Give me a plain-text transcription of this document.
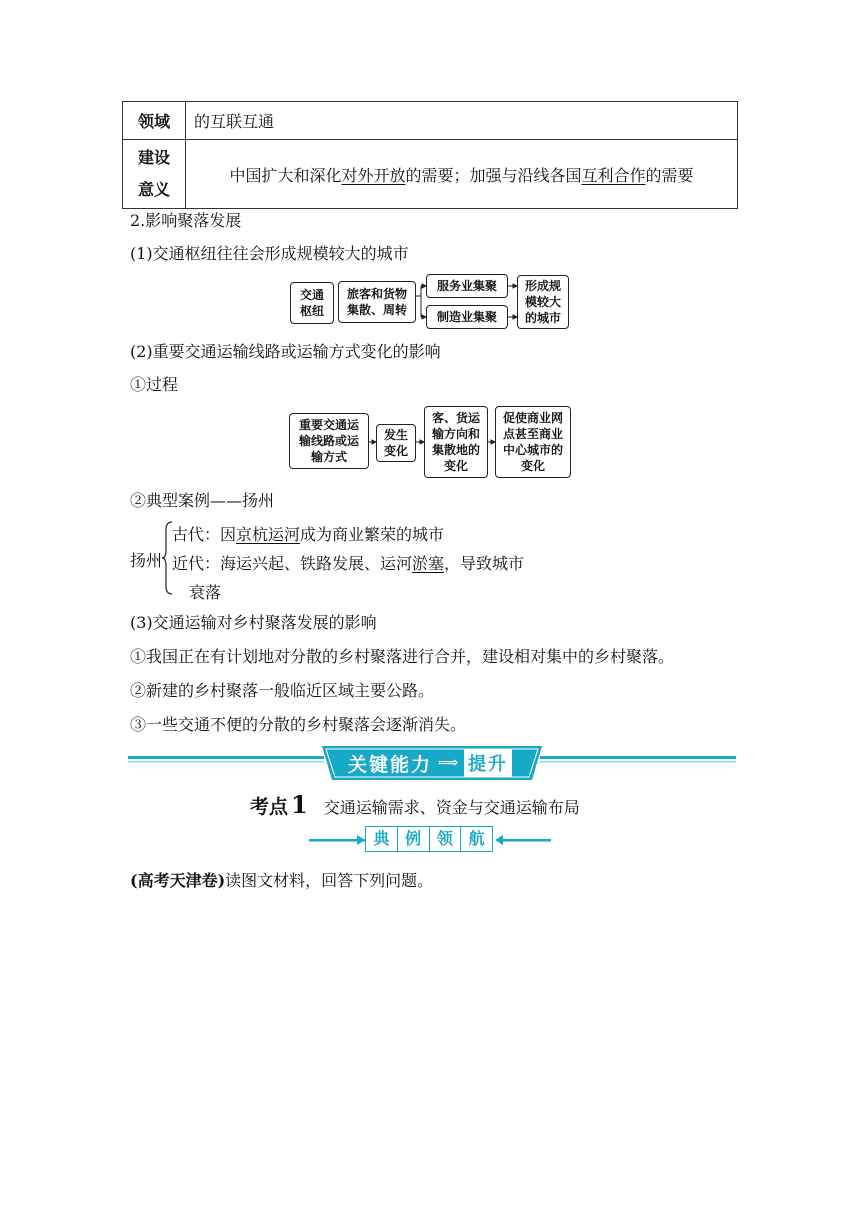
领域	的互联互通

建设
意义	中国扩大和深化对外开放的需要；加强与沿线各国互利合作的需要
2.影响聚落发展
(1)交通枢纽往往会形成规模较大的城市
交通
枢纽
旅客和货物
集散、周转
服务业集聚
制造业集聚
形成规
模较大
的城市
(2)重要交通运输线路或运输方式变化的影响
①过程
重要交通运
输线路或运
输方式
发生
变化
客、货运
输方向和
集散地的
变化
促使商业网
点甚至商业
中心城市的
变化
②典型案例——扬州
扬州
古代：因京杭运河成为商业繁荣的城市
近代：海运兴起、铁路发展、运河淤塞，导致城市
衰落
(3)交通运输对乡村聚落发展的影响
①我国正在有计划地对分散的乡村聚落进行合并，建设相对集中的乡村聚落。
②新建的乡村聚落一般临近区域主要公路。
③一些交通不便的分散的乡村聚落会逐渐消失。
关键能力 ⟹ 提升
考点 1 交通运输需求、资金与交通运输布局
典 例 领 航
(高考天津卷)读图文材料，回答下列问题。
